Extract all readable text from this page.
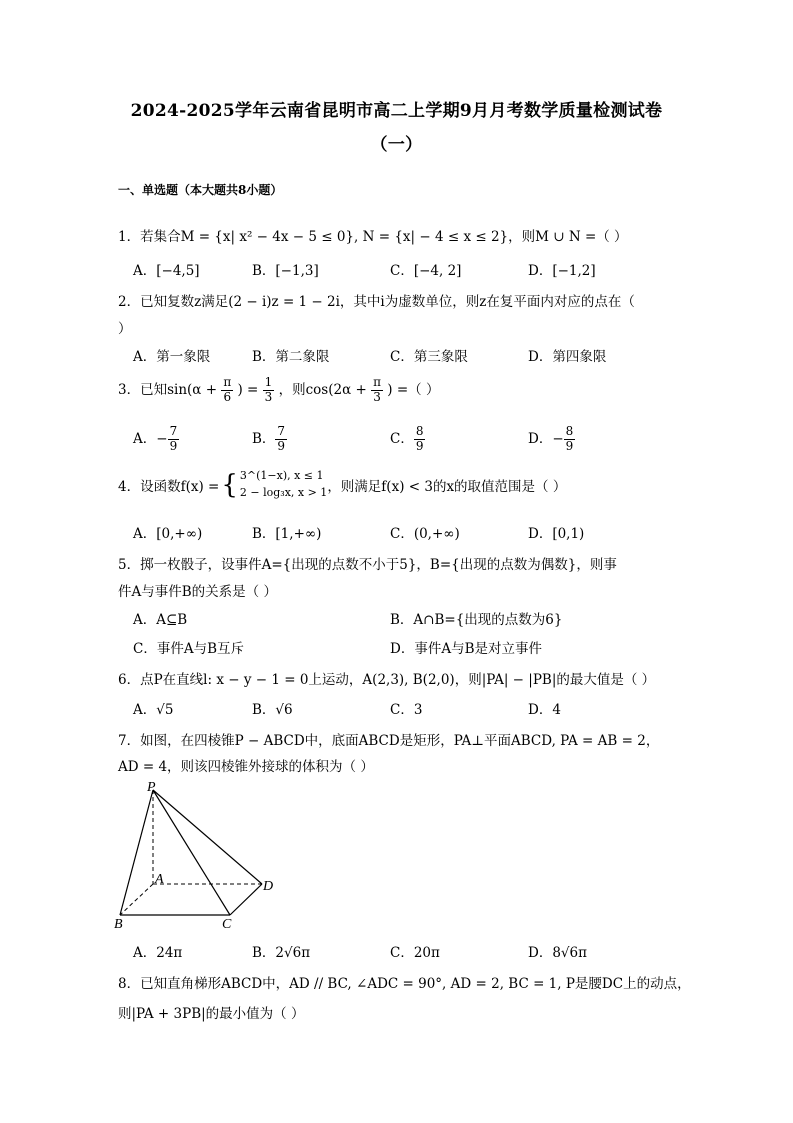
2024-2025学年云南省昆明市高二上学期9月月考数学质量检测试卷
（一）
一、单选题（本大题共8小题）
1．若集合M = {x| x² − 4x − 5 ≤ 0}, N = {x| − 4 ≤ x ≤ 2}，则M ∪ N =（ ）
A．[−4,5]	B．[−1,3]	C．[−4, 2]	D．[−1,2]
2．已知复数z满足(2 − i)z = 1 − 2i，其中i为虚数单位，则z在复平面内对应的点在（
）
A．第一象限	B．第二象限	C．第三象限	D．第四象限
3．已知$\sin(\alpha + \frac{\pi}{6}$ ) = $\frac{1}{3}$ ，则$\cos(2\alpha + \frac{\pi}{3}$ ) =（ ）
A．− $\frac{7}{9}$	B． $\frac{7}{9}$	C． $\frac{8}{9}$	D．− $\frac{8}{9}$
4．设函数f(x) = { 3^(1−x), x ≤ 1
2 − log₃x, x > 1 ，则满足f(x) < 3的x的取值范围是（ ）
A．[0,+∞)	B．[1,+∞)	C．(0,+∞)	D．[0,1)
5．掷一枚骰子，设事件A={出现的点数不小于5}，B={出现的点数为偶数}，则事
件A与事件B的关系是（ ）
A．A⊆B	B．A∩B={出现的点数为6}
C．事件A与B互斥	D．事件A与B是对立事件
6．点P在直线l: x − y − 1 = 0上运动，A(2,3), B(2,0)，则|PA| − |PB|的最大值是（ ）
A．√5	B．√6	C．3	D．4
7．如图，在四棱锥P − ABCD中，底面ABCD是矩形，PA⊥平面ABCD, PA = AB = 2，
AD = 4，则该四棱锥外接球的体积为（ ）
P
A
B	C
D
A．24π	B．2√6π	C．20π	D．8√6π
8．已知直角梯形ABCD中，AD // BC, ∠ADC = 90°, AD = 2, BC = 1, P是腰DC上的动点，
则|PA + 3PB|的最小值为（ ）
